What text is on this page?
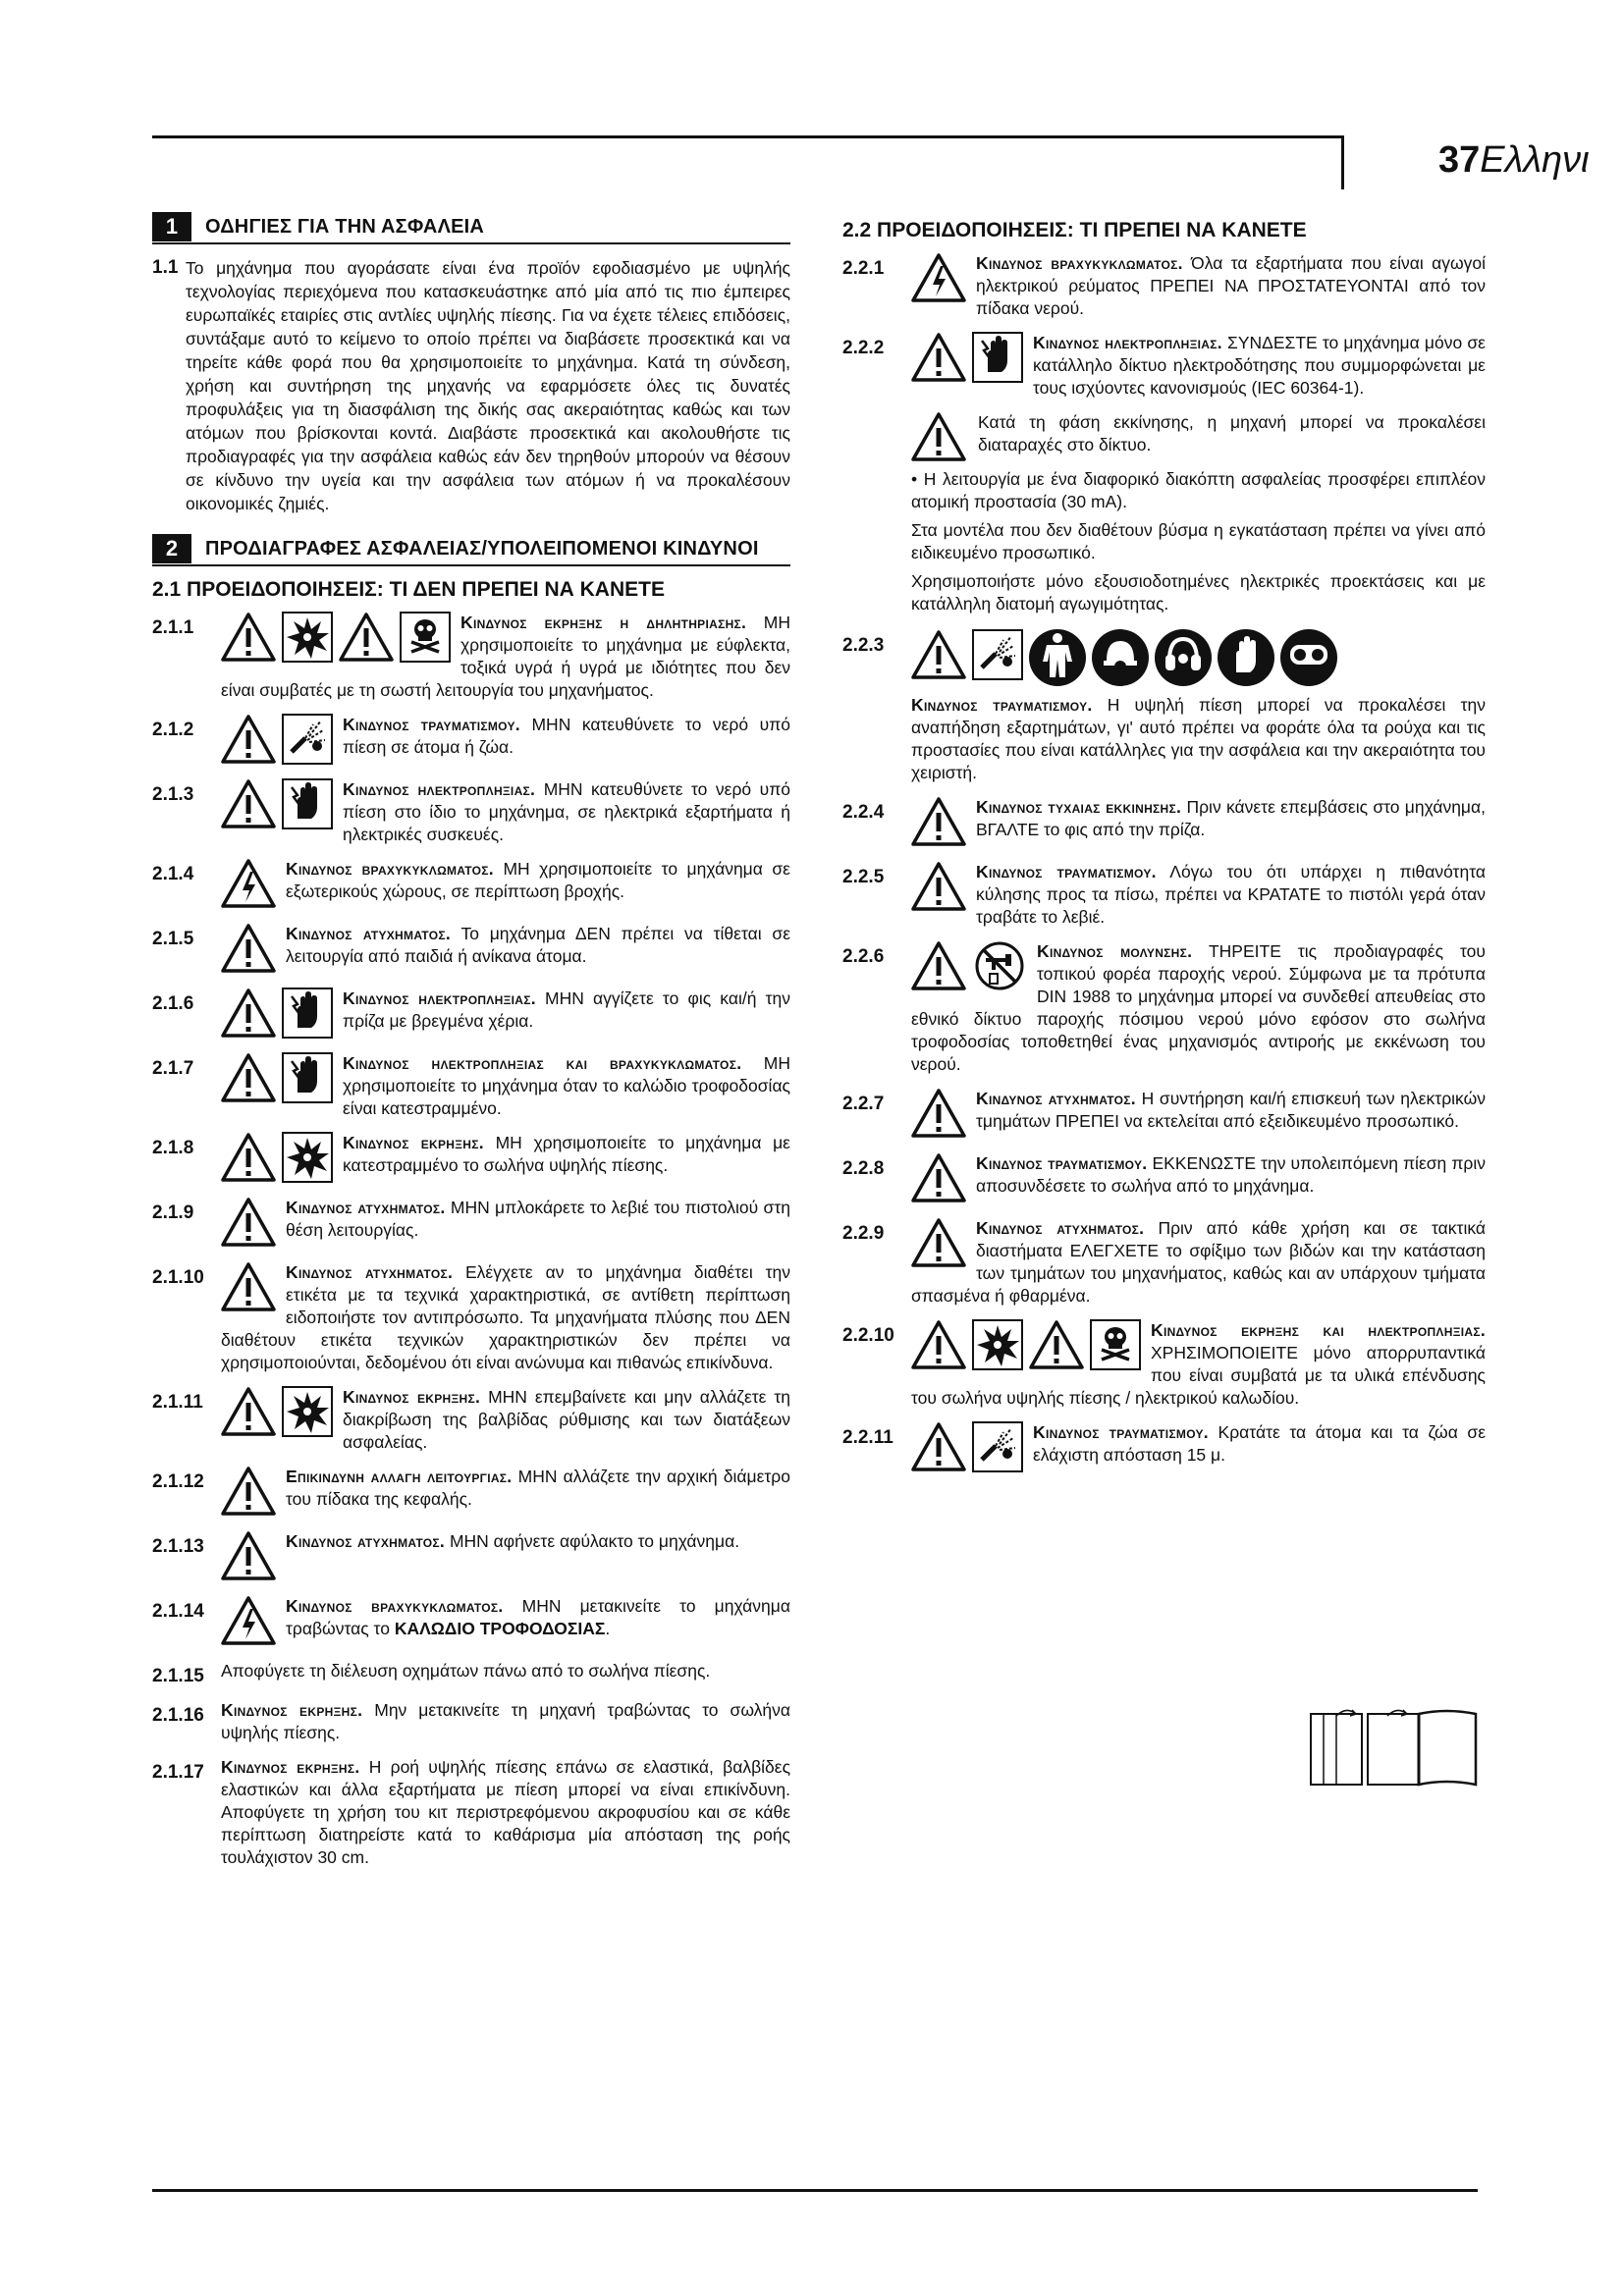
37Ελληνι
1	ΟΔΗΓΙΕΣ ΓΙΑ ΤΗΝ ΑΣΦΑΛΕΙΑ
1.1 Το μηχάνημα που αγοράσατε είναι ένα προϊόν εφοδιασμένο με υψηλής τεχνολογίας περιεχόμενα που κατασκευάστηκε από μία από τις πιο έμπειρες ευρωπαϊκές εταιρίες στις αντλίες υψηλής πίεσης. Για να έχετε τέλειες επιδόσεις, συντάξαμε αυτό το κείμενο το οποίο πρέπει να διαβάσετε προσεκτικά και να τηρείτε κάθε φορά που θα χρησιμοποιείτε το μηχάνημα. Κατά τη σύνδεση, χρήση και συντήρηση της μηχανής να εφαρμόσετε όλες τις δυνατές προφυλάξεις για τη διασφάλιση της δικής σας ακεραιότητας καθώς και των ατόμων που βρίσκονται κοντά. Διαβάστε προσεκτικά και ακολουθήστε τις προδιαγραφές για την ασφάλεια καθώς εάν δεν τηρηθούν μπορούν να θέσουν σε κίνδυνο την υγεία και την ασφάλεια των ατόμων ή να προκαλέσουν οικονομικές ζημιές.
2	ΠΡΟΔΙΑΓΡΑΦΕΣ ΑΣΦΑΛΕΙΑΣ/ΥΠΟΛΕΙΠΟΜΕΝΟΙ ΚΙΝΔΥΝΟΙ
2.1 ΠΡΟΕΙΔΟΠΟΙΗΣΕΙΣ: ΤΙ ΔΕΝ ΠΡΕΠΕΙ ΝΑ ΚΑΝΕΤΕ
2.1.1	Κινδυνος εκρηξης η δηλητηριασης. ΜΗ χρησιμοποιείτε το μηχάνημα με εύφλεκτα, τοξικά υγρά ή υγρά με ιδιότητες που δεν είναι συμβατές με τη σωστή λειτουργία του μηχανήματος.
2.1.2	Κινδυνος τραυματισμου. ΜΗΝ κατευθύνετε το νερό υπό πίεση σε άτομα ή ζώα.
2.1.3	Κινδυνος ηλεκτροπληξιας. ΜΗΝ κατευθύνετε το νερό υπό πίεση στο ίδιο το μηχάνημα, σε ηλεκτρικά εξαρτήματα ή ηλεκτρικές συσκευές.
2.1.4	Κινδυνος βραχυκυκλωματος. ΜΗ χρησιμοποιείτε το μηχάνημα σε εξωτερικούς χώρους, σε περίπτωση βροχής.
2.1.5	Κινδυνος ατυχηματος. Το μηχάνημα ΔΕΝ πρέπει να τίθεται σε λειτουργία από παιδιά ή ανίκανα άτομα.
2.1.6	Κινδυνος ηλεκτροπληξιας. ΜΗΝ αγγίζετε το φις και/ή την πρίζα με βρεγμένα χέρια.
2.1.7	Κινδυνος ηλεκτροπληξιας και βραχυκυκλωματος. ΜΗ χρησιμοποιείτε το μηχάνημα όταν το καλώδιο τροφοδοσίας είναι κατεστραμμένο.
2.1.8	Κινδυνος εκρηξης. ΜΗ χρησιμοποιείτε το μηχάνημα με κατεστραμμένο το σωλήνα υψηλής πίεσης.
2.1.9	Κινδυνος ατυχηματος. ΜΗΝ μπλοκάρετε το λεβιέ του πιστολιού στη θέση λειτουργίας.
2.1.10	Κινδυνος ατυχηματος. Ελέγχετε αν το μηχάνημα διαθέτει την ετικέτα με τα τεχνικά χαρακτηριστικά, σε αντίθετη περίπτωση ειδοποιήστε τον αντιπρόσωπο. Τα μηχανήματα πλύσης που ΔΕΝ διαθέτουν ετικέτα τεχνικών χαρακτηριστικών δεν πρέπει να χρησιμοποιούνται, δεδομένου ότι είναι ανώνυμα και πιθανώς επικίνδυνα.
2.1.11	Κινδυνος εκρηξης. ΜΗΝ επεμβαίνετε και μην αλλάζετε τη διακρίβωση της βαλβίδας ρύθμισης και των διατάξεων ασφαλείας.
2.1.12	Επικινδυνη αλλαγη λειτουργιας. ΜΗΝ αλλάζετε την αρχική διάμετρο του πίδακα της κεφαλής.
2.1.13	Κινδυνος ατυχηματος. ΜΗΝ αφήνετε αφύλακτο το μηχάνημα.
2.1.14	Κινδυνος βραχυκυκλωματος. ΜΗΝ μετακινείτε το μηχάνημα τραβώντας το ΚΑΛΩΔΙΟ ΤΡΟΦΟΔΟΣΙΑΣ.
2.1.15 Αποφύγετε τη διέλευση οχημάτων πάνω από το σωλήνα πίεσης.
2.1.16 Κινδυνος εκρηξης. Μην μετακινείτε τη μηχανή τραβώντας το σωλήνα υψηλής πίεσης.
2.1.17 Κινδυνος εκρηξης. Η ροή υψηλής πίεσης επάνω σε ελαστικά, βαλβίδες ελαστικών και άλλα εξαρτήματα με πίεση μπορεί να είναι επικίνδυνη. Αποφύγετε τη χρήση του κιτ περιστρεφόμενου ακροφυσίου και σε κάθε περίπτωση διατηρείστε κατά το καθάρισμα μία απόσταση της ροής τουλάχιστον 30 cm.
2.2 ΠΡΟΕΙΔΟΠΟΙΗΣΕΙΣ: ΤΙ ΠΡΕΠΕΙ ΝΑ ΚΑΝΕΤΕ
2.2.1	Κινδυνος βραχυκυκλωματος. Όλα τα εξαρτήματα που είναι αγωγοί ηλεκτρικού ρεύματος ΠΡΕΠΕΙ ΝΑ ΠΡΟΣΤΑΤΕΥΟΝΤΑΙ από τον πίδακα νερού.
2.2.2	Κινδυνος ηλεκτροπληξιας. ΣΥΝΔΕΣΤΕ το μηχάνημα μόνο σε κατάλληλο δίκτυο ηλεκτροδότησης που συμμορφώνεται με τους ισχύοντες κανονισμούς (IEC 60364-1).
Κατά τη φάση εκκίνησης, η μηχανή μπορεί να προκαλέσει διαταραχές στο δίκτυο.
• Η λειτουργία με ένα διαφορικό διακόπτη ασφαλείας προσφέρει επιπλέον ατομική προστασία (30 mA).
Στα μοντέλα που δεν διαθέτουν βύσμα η εγκατάσταση πρέπει να γίνει από ειδικευμένο προσωπικό.
Χρησιμοποιήστε μόνο εξουσιοδοτημένες ηλεκτρικές προεκτάσεις και με κατάλληλη διατομή αγωγιμότητας.
2.2.3
Κινδυνος τραυματισμου. Η υψηλή πίεση μπορεί να προκαλέσει την αναπήδηση εξαρτημάτων, γι' αυτό πρέπει να φοράτε όλα τα ρούχα και τις προστασίες που είναι κατάλληλες για την ασφάλεια και την ακεραιότητα του χειριστή.
2.2.4	Κινδυνος τυχαιας εκκινησης. Πριν κάνετε επεμβάσεις στο μηχάνημα, ΒΓΑΛΤΕ το φις από την πρίζα.
2.2.5	Κινδυνος τραυματισμου. Λόγω του ότι υπάρχει η πιθανότητα κύλησης προς τα πίσω, πρέπει να ΚΡΑΤΑΤΕ το πιστόλι γερά όταν τραβάτε το λεβιέ.
2.2.6	Κινδυνος μολυνσης. ΤΗΡΕΙΤΕ τις προδιαγραφές του τοπικού φορέα παροχής νερού. Σύμφωνα με τα πρότυπα DIN 1988 το μηχάνημα μπορεί να συνδεθεί απευθείας στο εθνικό δίκτυο παροχής πόσιμου νερού μόνο εφόσον στο σωλήνα τροφοδοσίας τοποθετηθεί ένας μηχανισμός αντιροής με εκκένωση του νερού.
2.2.7	Κινδυνος ατυχηματος. Η συντήρηση και/ή επισκευή των ηλεκτρικών τμημάτων ΠΡΕΠΕΙ να εκτελείται από εξειδικευμένο προσωπικό.
2.2.8	Κινδυνος τραυματισμου. ΕΚΚΕΝΩΣΤΕ την υπολειπόμενη πίεση πριν αποσυνδέσετε το σωλήνα από το μηχάνημα.
2.2.9	Κινδυνος ατυχηματος. Πριν από κάθε χρήση και σε τακτικά διαστήματα ΕΛΕΓΧΕΤΕ το σφίξιμο των βιδών και την κατάσταση των τμημάτων του μηχανήματος, καθώς και αν υπάρχουν τμήματα σπασμένα ή φθαρμένα.
2.2.10	Κινδυνος εκρηξης και ηλεκτροπληξιας. ΧΡΗΣΙΜΟΠΟΙΕΙΤΕ μόνο απορρυπαντικά που είναι συμβατά με τα υλικά επένδυσης του σωλήνα υψηλής πίεσης / ηλεκτρικού καλωδίου.
2.2.11	Κινδυνος τραυματισμου. Κρατάτε τα άτομα και τα ζώα σε ελάχιστη απόσταση 15 μ.
